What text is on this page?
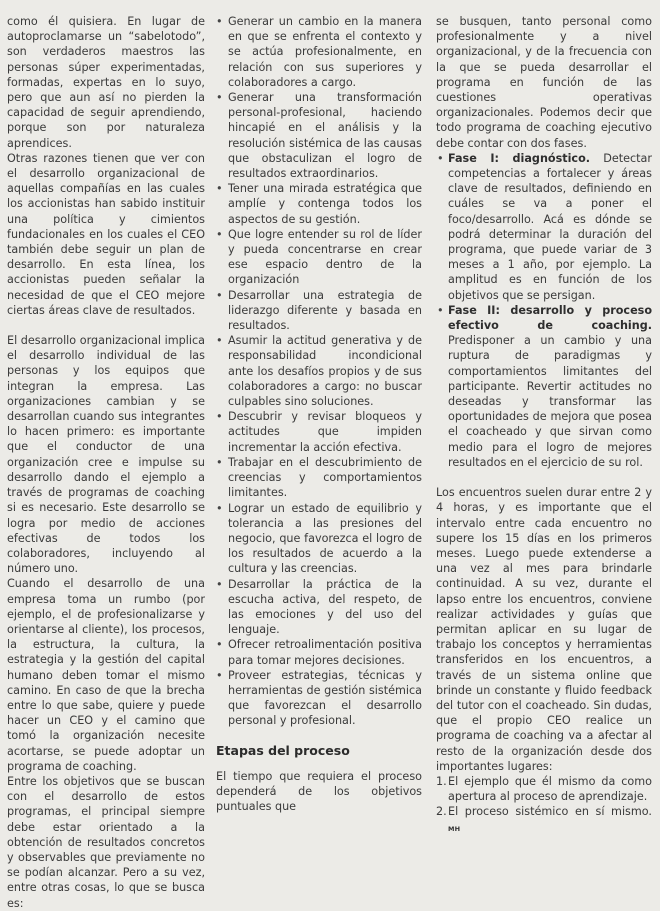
como él quisiera. En lugar de autoproclamarse un “sabelotodo”, son verdaderos maestros las personas súper experimentadas, formadas, expertas en lo suyo, pero que aun así no pierden la capacidad de seguir aprendiendo, porque son por naturaleza aprendices.

Otras razones tienen que ver con el desarrollo organizacional de aquellas compañías en las cuales los accionistas han sabido instituir una política y cimientos fundacionales en los cuales el CEO también debe seguir un plan de desarrollo. En esta línea, los accionistas pueden señalar la necesidad de que el CEO mejore ciertas áreas clave de resultados.

El desarrollo organizacional implica el desarrollo individual de las personas y los equipos que integran la empresa. Las organizaciones cambian y se desarrollan cuando sus integrantes lo hacen primero: es importante que el conductor de una organización cree e impulse su desarrollo dando el ejemplo a través de programas de coaching si es necesario. Este desarrollo se logra por medio de acciones efectivas de todos los colaboradores, incluyendo al número uno.

Cuando el desarrollo de una empresa toma un rumbo (por ejemplo, el de profesionalizarse y orientarse al cliente), los procesos, la estructura, la cultura, la estrategia y la gestión del capital humano deben tomar el mismo camino. En caso de que la brecha entre lo que sabe, quiere y puede hacer un CEO y el camino que tomó la organización necesite acortarse, se puede adoptar un programa de coaching.

Entre los objetivos que se buscan con el desarrollo de estos programas, el principal siempre debe estar orientado a la obtención de resultados concretos y observables que previamente no se podían alcanzar. Pero a su vez, entre otras cosas, lo que se busca es:

• Generar un cambio en la manera en que se enfrenta el contexto y se actúa profesionalmente, en relación con sus superiores y colaboradores a cargo.
• Generar una transformación personal-profesional, haciendo hincapié en el análisis y la resolución sistémica de las causas que obstaculizan el logro de resultados extraordinarios.
• Tener una mirada estratégica que amplíe y contenga todos los aspectos de su gestión.
• Que logre entender su rol de líder y pueda concentrarse en crear ese espacio dentro de la organización
• Desarrollar una estrategia de liderazgo diferente y basada en resultados.
• Asumir la actitud generativa y de responsabilidad incondicional ante los desafíos propios y de sus colaboradores a cargo: no buscar culpables sino soluciones.
• Descubrir y revisar bloqueos y actitudes que impiden incrementar la acción efectiva.
• Trabajar en el descubrimiento de creencias y comportamientos limitantes.
• Lograr un estado de equilibrio y tolerancia a las presiones del negocio, que favorezca el logro de los resultados de acuerdo a la cultura y las creencias.
• Desarrollar la práctica de la escucha activa, del respeto, de las emociones y del uso del lenguaje.
• Ofrecer retroalimentación positiva para tomar mejores decisiones.
• Proveer estrategias, técnicas y herramientas de gestión sistémica que favorezcan el desarrollo personal y profesional.
Etapas del proceso

El tiempo que requiera el proceso dependerá de los objetivos puntuales que

se busquen, tanto personal como profesionalmente y a nivel organizacional, y de la frecuencia con la que se pueda desarrollar el programa en función de las cuestiones operativas organizacionales. Podemos decir que todo programa de coaching ejecutivo debe contar con dos fases.

• Fase I: diagnóstico. Detectar competencias a fortalecer y áreas clave de resultados, definiendo en cuáles se va a poner el foco/desarrollo. Acá es dónde se podrá determinar la duración del programa, que puede variar de 3 meses a 1 año, por ejemplo. La amplitud es en función de los objetivos que se persigan.
• Fase II: desarrollo y proceso efectivo de coaching. Predisponer a un cambio y una ruptura de paradigmas y comportamientos limitantes del participante. Revertir actitudes no deseadas y transformar las oportunidades de mejora que posea el coacheado y que sirvan como medio para el logro de mejores resultados en el ejercicio de su rol.

Los encuentros suelen durar entre 2 y 4 horas, y es importante que el intervalo entre cada encuentro no supere los 15 días en los primeros meses. Luego puede extenderse a una vez al mes para brindarle continuidad. A su vez, durante el lapso entre los encuentros, conviene realizar actividades y guías que permitan aplicar en su lugar de trabajo los conceptos y herramientas transferidos en los encuentros, a través de un sistema online que brinde un constante y fluido feedback del tutor con el coacheado. Sin dudas, que el propio CEO realice un programa de coaching va a afectar al resto de la organización desde dos importantes lugares:

1. El ejemplo que él mismo da como apertura al proceso de aprendizaje.
2. El proceso sistémico en sí mismo. MH
